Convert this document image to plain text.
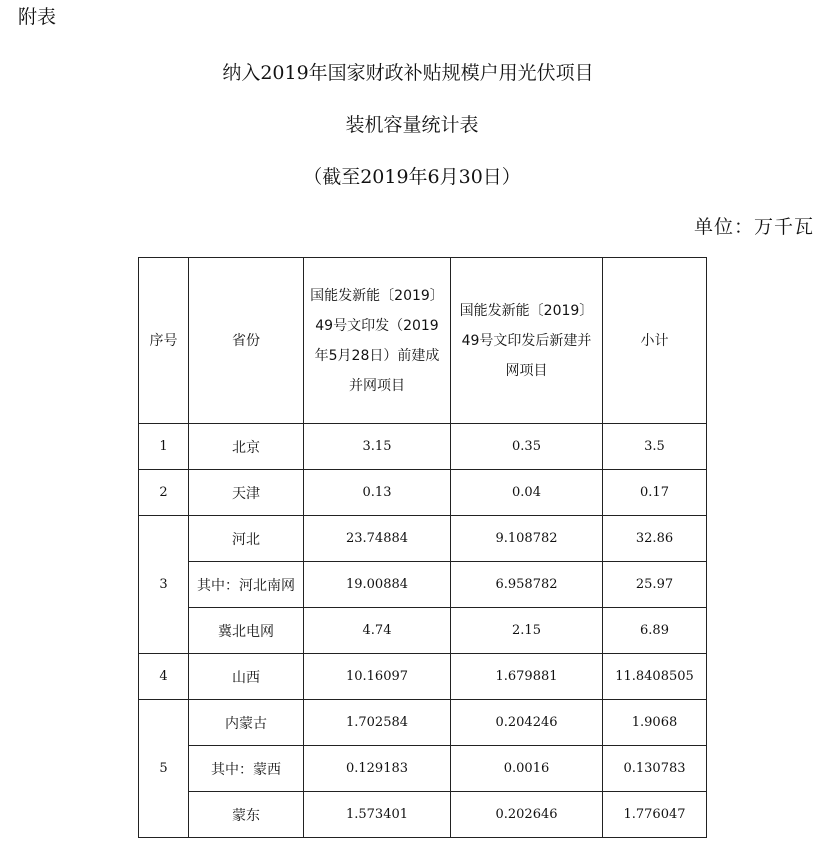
附表
纳入2019年国家财政补贴规模户用光伏项目
装机容量统计表
（截至2019年6月30日）
单位：万千瓦
序号	省份	国能发新能〔2019〕49号文印发（2019年5月28日）前建成并网项目	国能发新能〔2019〕49号文印发后新建并网项目	小计
1	北京	3.15	0.35	3.5
2	天津	0.13	0.04	0.17
3	河北	23.74884	9.108782	32.86
	其中：河北南网	19.00884	6.958782	25.97
	冀北电网	4.74	2.15	6.89
4	山西	10.16097	1.679881	11.8408505
5	内蒙古	1.702584	0.204246	1.9068
	其中：蒙西	0.129183	0.0016	0.130783
	蒙东	1.573401	0.202646	1.776047
